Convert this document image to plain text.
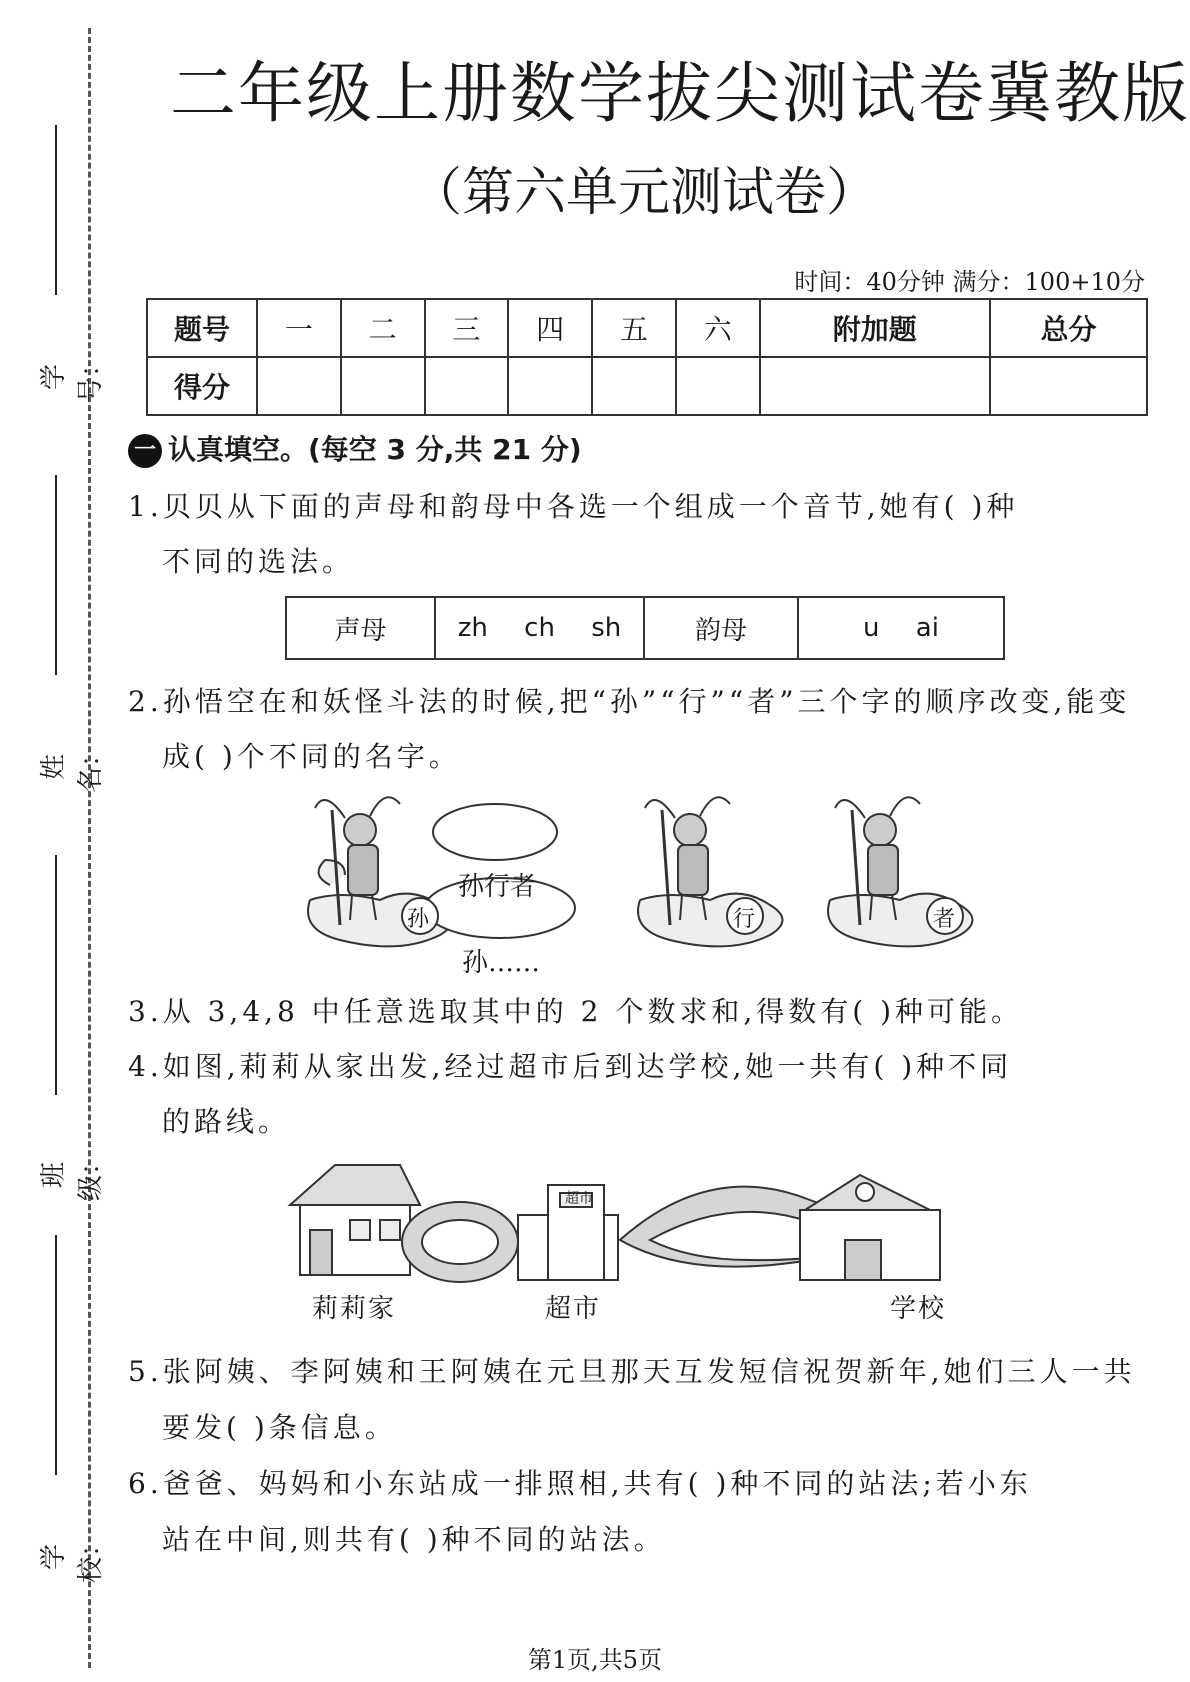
学号：
姓名：
班级：
学校：
二年级上册数学拔尖测试卷冀教版
（第六单元测试卷）
时间：40分钟 满分：100+10分
题号	一	二	三	四	五	六	附加题	总分
得分								
一 认真填空。(每空 3 分,共 21 分)
1.贝贝从下面的声母和韵母中各选一个组成一个音节,她有( )种
不同的选法。
声母	zh ch sh	韵母	u ai
2.孙悟空在和妖怪斗法的时候,把“孙”“行”“者”三个字的顺序改变,能变
成( )个不同的名字。
孙行者
孙……
孙	行	者
3.从 3,4,8 中任意选取其中的 2 个数求和,得数有( )种可能。
4.如图,莉莉从家出发,经过超市后到达学校,她一共有( )种不同
的路线。
莉莉家
超市
超市	学校
5.张阿姨、李阿姨和王阿姨在元旦那天互发短信祝贺新年,她们三人一共
要发( )条信息。
6.爸爸、妈妈和小东站成一排照相,共有( )种不同的站法;若小东
站在中间,则共有( )种不同的站法。
第1页,共5页
